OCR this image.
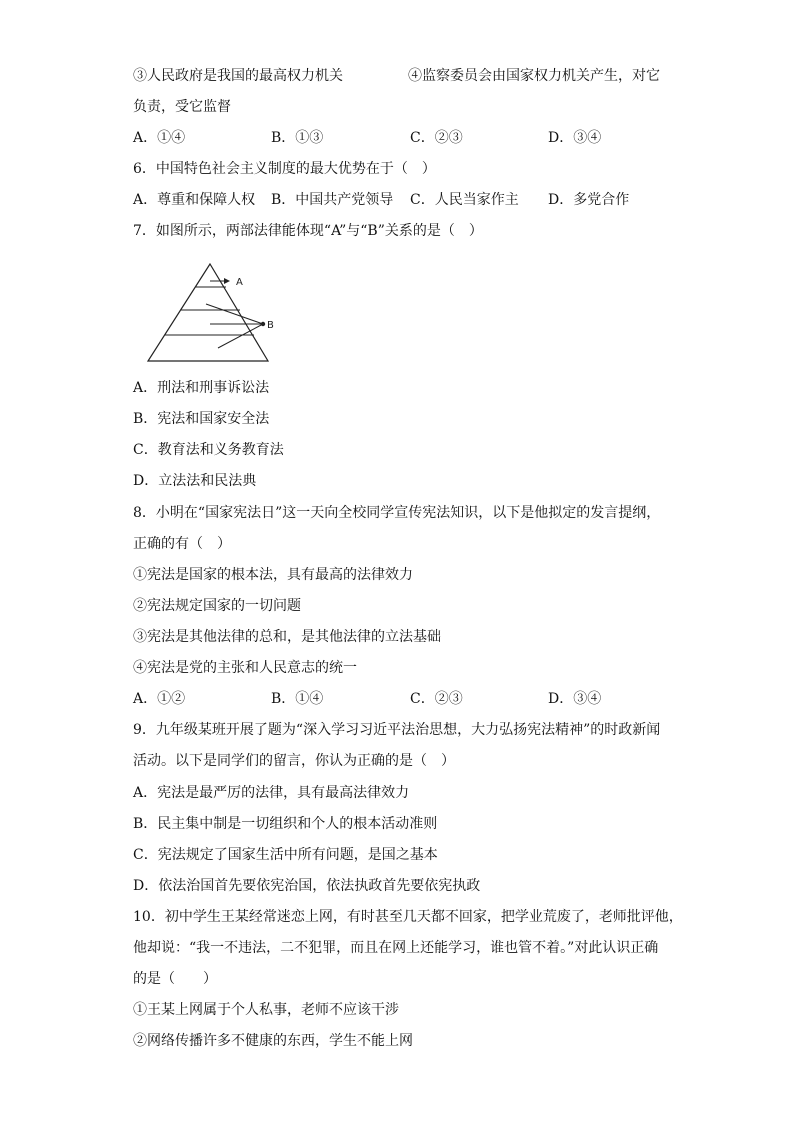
③人民政府是我国的最高权力机关	④监察委员会由国家权力机关产生，对它
负责，受它监督
A．①④	B．①③	C．②③	D．③④
6．中国特色社会主义制度的最大优势在于（　）
A．尊重和保障人权 B．中国共产党领导 C．人民当家作主 D．多党合作
7．如图所示，两部法律能体现“A”与“B”关系的是（　）
A
B
A．刑法和刑事诉讼法
B．宪法和国家安全法
C．教育法和义务教育法
D．立法法和民法典
8．小明在“国家宪法日”这一天向全校同学宣传宪法知识，以下是他拟定的发言提纲，
正确的有（　）
①宪法是国家的根本法，具有最高的法律效力
②宪法规定国家的一切问题
③宪法是其他法律的总和，是其他法律的立法基础
④宪法是党的主张和人民意志的统一
A．①②	B．①④	C．②③	D．③④
9．九年级某班开展了题为“深入学习习近平法治思想，大力弘扬宪法精神”的时政新闻
活动。以下是同学们的留言，你认为正确的是（　）
A．宪法是最严厉的法律，具有最高法律效力
B．民主集中制是一切组织和个人的根本活动准则
C．宪法规定了国家生活中所有问题，是国之基本
D．依法治国首先要依宪治国，依法执政首先要依宪执政
10．初中学生王某经常迷恋上网，有时甚至几天都不回家，把学业荒废了，老师批评他，
他却说：“我一不违法，二不犯罪，而且在网上还能学习，谁也管不着。”对此认识正确
的是（　　）
①王某上网属于个人私事，老师不应该干涉
②网络传播许多不健康的东西，学生不能上网
